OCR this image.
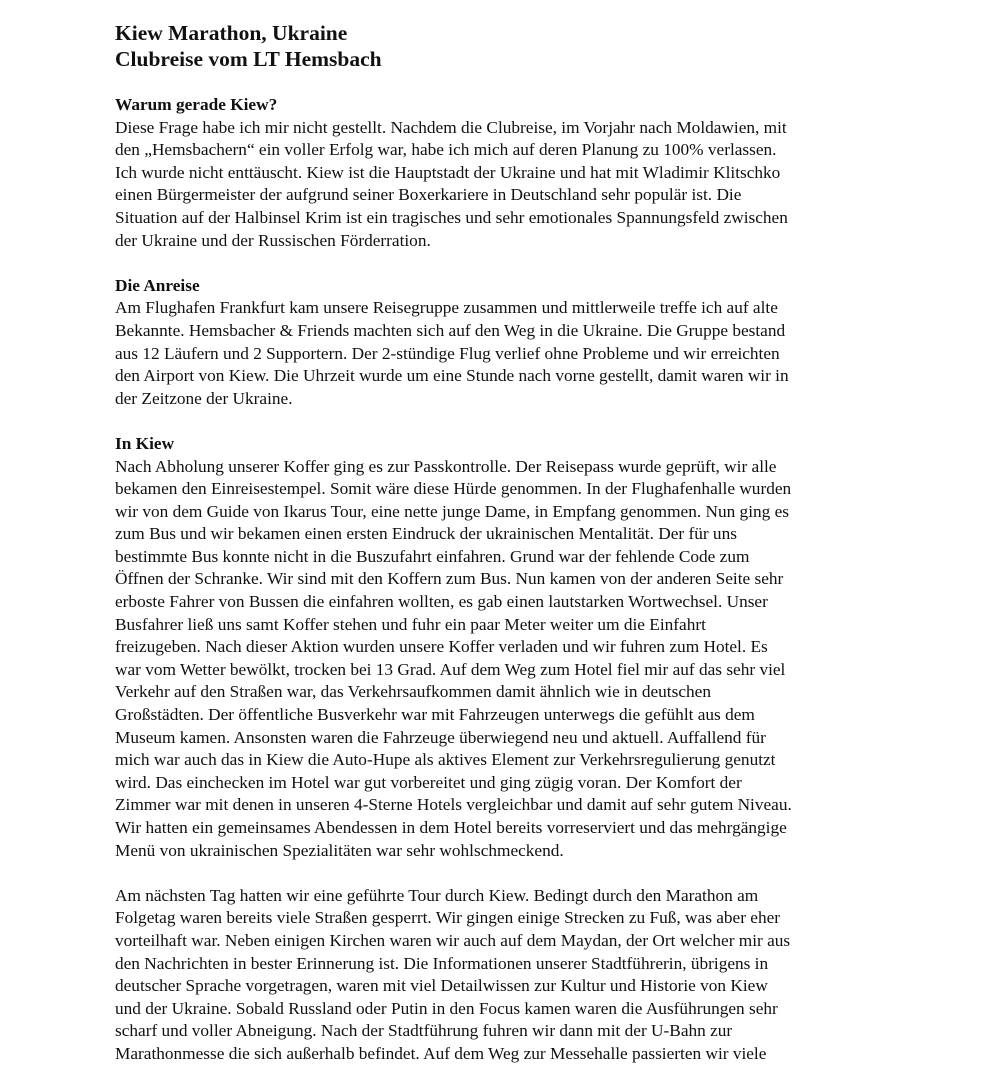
Kiew Marathon, Ukraine
Clubreise vom LT Hemsbach
Warum gerade Kiew?
Diese Frage habe ich mir nicht gestellt. Nachdem die Clubreise, im Vorjahr nach Moldawien, mit
den „Hemsbachern“ ein voller Erfolg war, habe ich mich auf deren Planung zu 100% verlassen.
Ich wurde nicht enttäuscht. Kiew ist die Hauptstadt der Ukraine und hat mit Wladimir Klitschko
einen Bürgermeister der aufgrund seiner Boxerkariere in Deutschland sehr populär ist. Die
Situation auf der Halbinsel Krim ist ein tragisches und sehr emotionales Spannungsfeld zwischen
der Ukraine und der Russischen Förderration.
Die Anreise
Am Flughafen Frankfurt kam unsere Reisegruppe zusammen und mittlerweile treffe ich auf alte
Bekannte. Hemsbacher & Friends machten sich auf den Weg in die Ukraine. Die Gruppe bestand
aus 12 Läufern und 2 Supportern. Der 2-stündige Flug verlief ohne Probleme und wir erreichten
den Airport von Kiew. Die Uhrzeit wurde um eine Stunde nach vorne gestellt, damit waren wir in
der Zeitzone der Ukraine.
In Kiew
Nach Abholung unserer Koffer ging es zur Passkontrolle. Der Reisepass wurde geprüft, wir alle
bekamen den Einreisestempel. Somit wäre diese Hürde genommen. In der Flughafenhalle wurden
wir von dem Guide von Ikarus Tour, eine nette junge Dame, in Empfang genommen. Nun ging es
zum Bus und wir bekamen einen ersten Eindruck der ukrainischen Mentalität. Der für uns
bestimmte Bus konnte nicht in die Buszufahrt einfahren. Grund war der fehlende Code zum
Öffnen der Schranke. Wir sind mit den Koffern zum Bus. Nun kamen von der anderen Seite sehr
erboste Fahrer von Bussen die einfahren wollten, es gab einen lautstarken Wortwechsel. Unser
Busfahrer ließ uns samt Koffer stehen und fuhr ein paar Meter weiter um die Einfahrt
freizugeben. Nach dieser Aktion wurden unsere Koffer verladen und wir fuhren zum Hotel. Es
war vom Wetter bewölkt, trocken bei 13 Grad. Auf dem Weg zum Hotel fiel mir auf das sehr viel
Verkehr auf den Straßen war, das Verkehrsaufkommen damit ähnlich wie in deutschen
Großstädten. Der öffentliche Busverkehr war mit Fahrzeugen unterwegs die gefühlt aus dem
Museum kamen. Ansonsten waren die Fahrzeuge überwiegend neu und aktuell. Auffallend für
mich war auch das in Kiew die Auto-Hupe als aktives Element zur Verkehrsregulierung genutzt
wird. Das einchecken im Hotel war gut vorbereitet und ging zügig voran. Der Komfort der
Zimmer war mit denen in unseren 4-Sterne Hotels vergleichbar und damit auf sehr gutem Niveau.
Wir hatten ein gemeinsames Abendessen in dem Hotel bereits vorreserviert und das mehrgängige
Menü von ukrainischen Spezialitäten war sehr wohlschmeckend.
Am nächsten Tag hatten wir eine geführte Tour durch Kiew. Bedingt durch den Marathon am
Folgetag waren bereits viele Straßen gesperrt. Wir gingen einige Strecken zu Fuß, was aber eher
vorteilhaft war. Neben einigen Kirchen waren wir auch auf dem Maydan, der Ort welcher mir aus
den Nachrichten in bester Erinnerung ist. Die Informationen unserer Stadtführerin, übrigens in
deutscher Sprache vorgetragen, waren mit viel Detailwissen zur Kultur und Historie von Kiew
und der Ukraine. Sobald Russland oder Putin in den Focus kamen waren die Ausführungen sehr
scharf und voller Abneigung. Nach der Stadtführung fuhren wir dann mit der U-Bahn zur
Marathonmesse die sich außerhalb befindet. Auf dem Weg zur Messehalle passierten wir viele
